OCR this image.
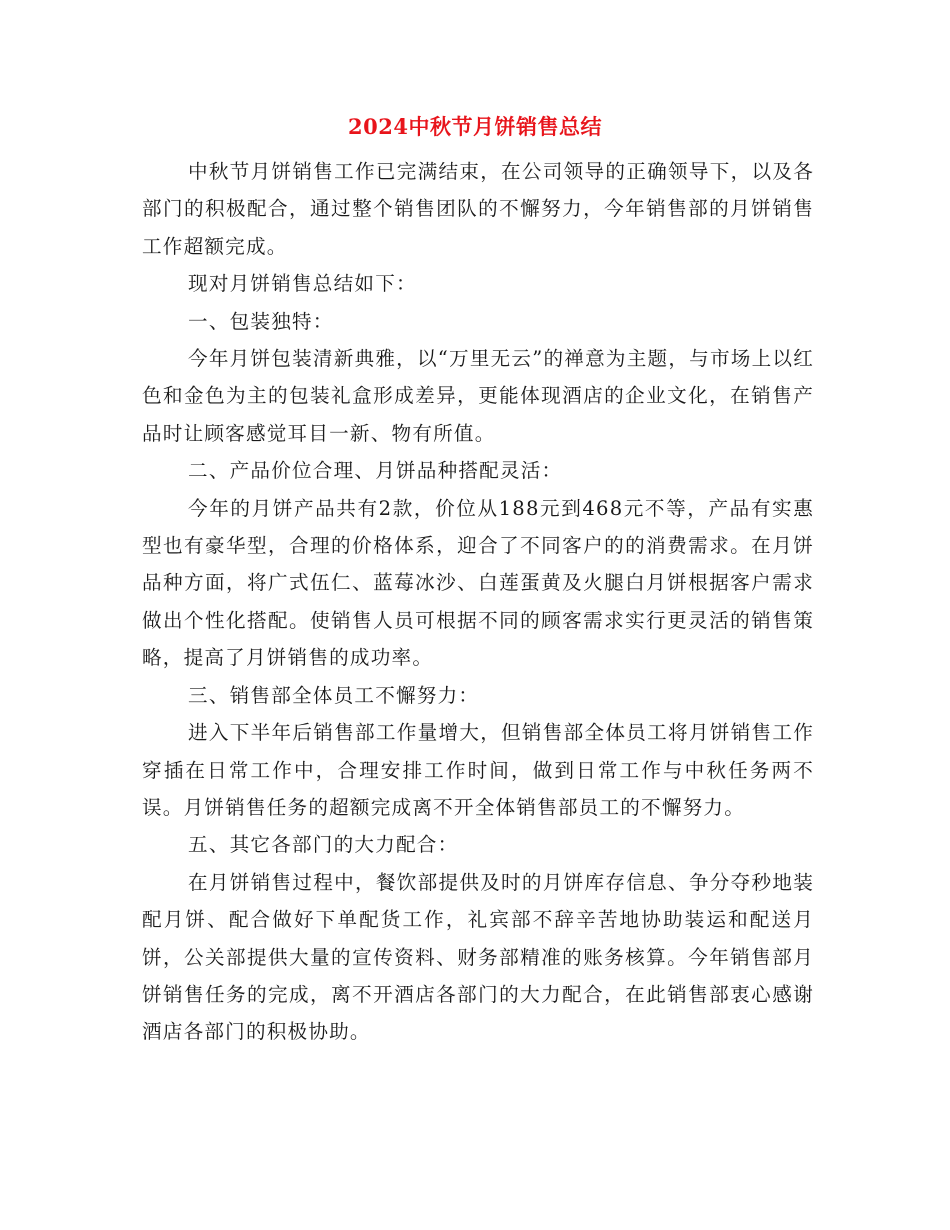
2024中秋节月饼销售总结

中秋节月饼销售工作已完满结束，在公司领导的正确领导下，以及各部门的积极配合，通过整个销售团队的不懈努力，今年销售部的月饼销售工作超额完成。

现对月饼销售总结如下：

一、包装独特：

今年月饼包装清新典雅，以“万里无云”的禅意为主题，与市场上以红色和金色为主的包装礼盒形成差异，更能体现酒店的企业文化，在销售产品时让顾客感觉耳目一新、物有所值。

二、产品价位合理、月饼品种搭配灵活：

今年的月饼产品共有2款，价位从188元到468元不等，产品有实惠型也有豪华型，合理的价格体系，迎合了不同客户的的消费需求。在月饼品种方面，将广式伍仁、蓝莓冰沙、白莲蛋黄及火腿白月饼根据客户需求做出个性化搭配。使销售人员可根据不同的顾客需求实行更灵活的销售策略，提高了月饼销售的成功率。

三、销售部全体员工不懈努力：

进入下半年后销售部工作量增大，但销售部全体员工将月饼销售工作穿插在日常工作中，合理安排工作时间，做到日常工作与中秋任务两不误。月饼销售任务的超额完成离不开全体销售部员工的不懈努力。

五、其它各部门的大力配合：

在月饼销售过程中，餐饮部提供及时的月饼库存信息、争分夺秒地装配月饼、配合做好下单配货工作，礼宾部不辞辛苦地协助装运和配送月饼，公关部提供大量的宣传资料、财务部精准的账务核算。今年销售部月饼销售任务的完成，离不开酒店各部门的大力配合，在此销售部衷心感谢酒店各部门的积极协助。
